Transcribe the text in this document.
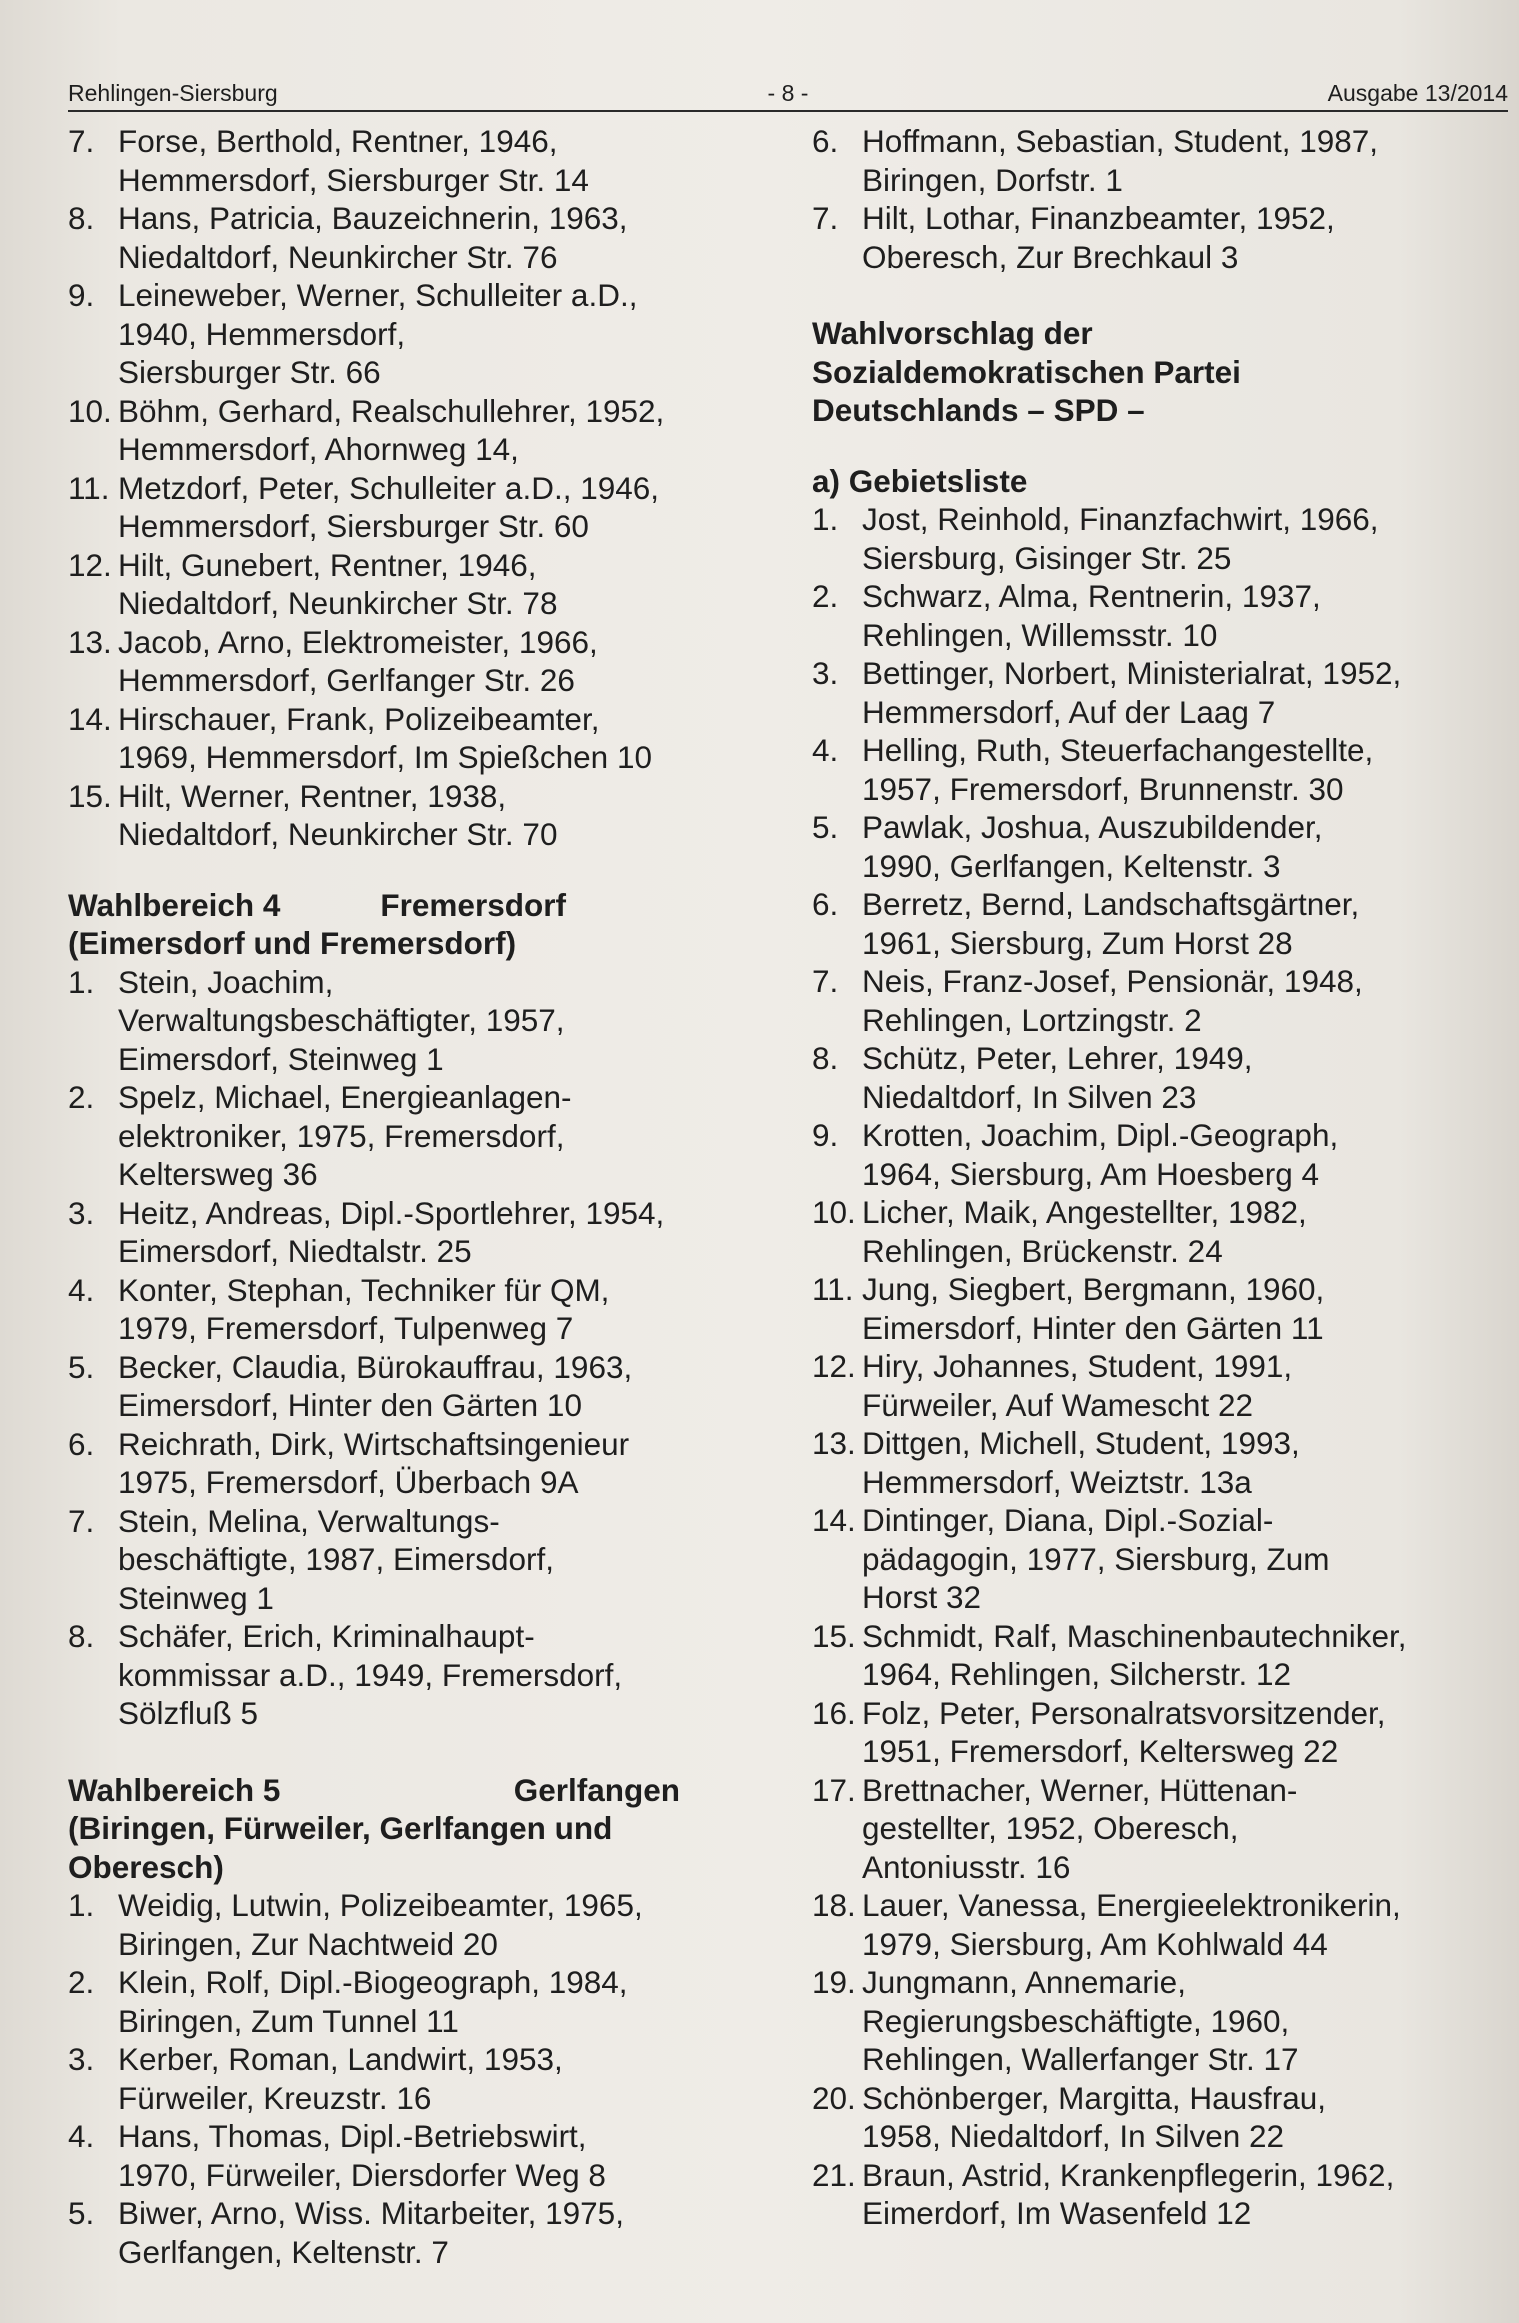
Rehlingen-Siersburg	- 8 -	Ausgabe 13/2014
7. Forse, Berthold, Rentner, 1946,
Hemmersdorf, Siersburger Str. 14
8. Hans, Patricia, Bauzeichnerin, 1963,
Niedaltdorf, Neunkircher Str. 76
9. Leineweber, Werner, Schulleiter a.D.,
1940, Hemmersdorf,
Siersburger Str. 66
10. Böhm, Gerhard, Realschullehrer, 1952,
Hemmersdorf, Ahornweg 14,
11. Metzdorf, Peter, Schulleiter a.D., 1946,
Hemmersdorf, Siersburger Str. 60
12. Hilt, Gunebert, Rentner, 1946,
Niedaltdorf, Neunkircher Str. 78
13. Jacob, Arno, Elektromeister, 1966,
Hemmersdorf, Gerlfanger Str. 26
14. Hirschauer, Frank, Polizeibeamter,
1969, Hemmersdorf, Im Spießchen 10
15. Hilt, Werner, Rentner, 1938,
Niedaltdorf, Neunkircher Str. 70
Wahlbereich 4	Fremersdorf
(Eimersdorf und Fremersdorf)
1. Stein, Joachim,
Verwaltungsbeschäftigter, 1957,
Eimersdorf, Steinweg 1
2. Spelz, Michael, Energieanlagen-
elektroniker, 1975, Fremersdorf,
Keltersweg 36
3. Heitz, Andreas, Dipl.-Sportlehrer, 1954,
Eimersdorf, Niedtalstr. 25
4. Konter, Stephan, Techniker für QM,
1979, Fremersdorf, Tulpenweg 7
5. Becker, Claudia, Bürokauffrau, 1963,
Eimersdorf, Hinter den Gärten 10
6. Reichrath, Dirk, Wirtschaftsingenieur
1975, Fremersdorf, Überbach 9A
7. Stein, Melina, Verwaltungs-
beschäftigte, 1987, Eimersdorf,
Steinweg 1
8. Schäfer, Erich, Kriminalhaupt-
kommissar a.D., 1949, Fremersdorf,
Sölzfluß 5
Wahlbereich 5	Gerlfangen
(Biringen, Fürweiler, Gerlfangen und
Oberesch)
1. Weidig, Lutwin, Polizeibeamter, 1965,
Biringen, Zur Nachtweid 20
2. Klein, Rolf, Dipl.-Biogeograph, 1984,
Biringen, Zum Tunnel 11
3. Kerber, Roman, Landwirt, 1953,
Fürweiler, Kreuzstr. 16
4. Hans, Thomas, Dipl.-Betriebswirt,
1970, Fürweiler, Diersdorfer Weg 8
5. Biwer, Arno, Wiss. Mitarbeiter, 1975,
Gerlfangen, Keltenstr. 7
6. Hoffmann, Sebastian, Student, 1987,
Biringen, Dorfstr. 1
7. Hilt, Lothar, Finanzbeamter, 1952,
Oberesch, Zur Brechkaul 3
Wahlvorschlag der
Sozialdemokratischen Partei
Deutschlands – SPD –
a) Gebietsliste
1. Jost, Reinhold, Finanzfachwirt, 1966,
Siersburg, Gisinger Str. 25
2. Schwarz, Alma, Rentnerin, 1937,
Rehlingen, Willemsstr. 10
3. Bettinger, Norbert, Ministerialrat, 1952,
Hemmersdorf, Auf der Laag 7
4. Helling, Ruth, Steuerfachangestellte,
1957, Fremersdorf, Brunnenstr. 30
5. Pawlak, Joshua, Auszubildender,
1990, Gerlfangen, Keltenstr. 3
6. Berretz, Bernd, Landschaftsgärtner,
1961, Siersburg, Zum Horst 28
7. Neis, Franz-Josef, Pensionär, 1948,
Rehlingen, Lortzingstr. 2
8. Schütz, Peter, Lehrer, 1949,
Niedaltdorf, In Silven 23
9. Krotten, Joachim, Dipl.-Geograph,
1964, Siersburg, Am Hoesberg 4
10. Licher, Maik, Angestellter, 1982,
Rehlingen, Brückenstr. 24
11. Jung, Siegbert, Bergmann, 1960,
Eimersdorf, Hinter den Gärten 11
12. Hiry, Johannes, Student, 1991,
Fürweiler, Auf Wamescht 22
13. Dittgen, Michell, Student, 1993,
Hemmersdorf, Weiztstr. 13a
14. Dintinger, Diana, Dipl.-Sozial-
pädagogin, 1977, Siersburg, Zum
Horst 32
15. Schmidt, Ralf, Maschinenbautechniker,
1964, Rehlingen, Silcherstr. 12
16. Folz, Peter, Personalratsvorsitzender,
1951, Fremersdorf, Keltersweg 22
17. Brettnacher, Werner, Hüttenan-
gestellter, 1952, Oberesch,
Antoniusstr. 16
18. Lauer, Vanessa, Energieelektronikerin,
1979, Siersburg, Am Kohlwald 44
19. Jungmann, Annemarie,
Regierungsbeschäftigte, 1960,
Rehlingen, Wallerfanger Str. 17
20. Schönberger, Margitta, Hausfrau,
1958, Niedaltdorf, In Silven 22
21. Braun, Astrid, Krankenpflegerin, 1962,
Eimerdorf, Im Wasenfeld 12
